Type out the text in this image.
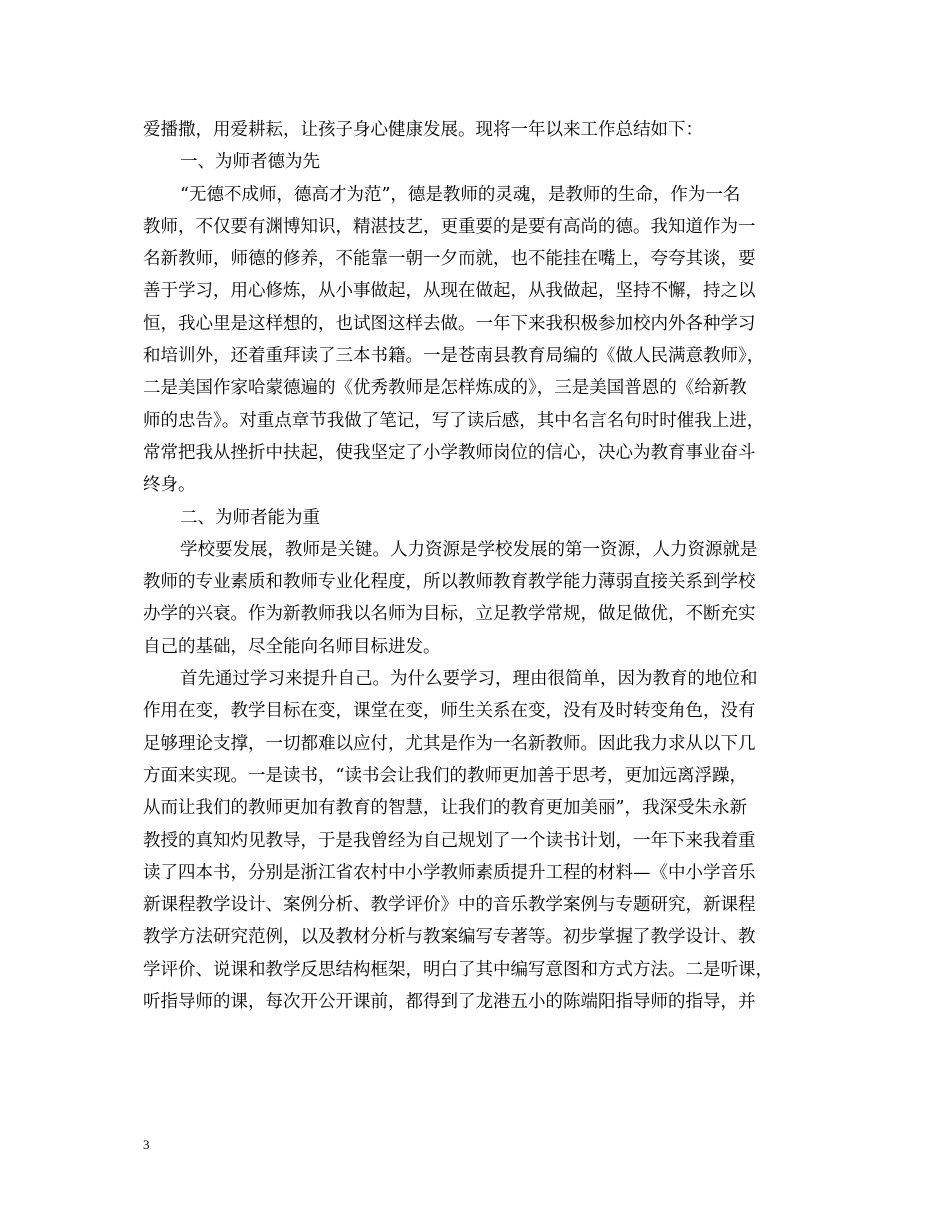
爱播撒，用爱耕耘，让孩子身心健康发展。现将一年以来工作总结如下：
一、为师者德为先
“无德不成师，德高才为范”，德是教师的灵魂，是教师的生命，作为一名
教师，不仅要有渊博知识，精湛技艺，更重要的是要有高尚的德。我知道作为一
名新教师，师德的修养，不能靠一朝一夕而就，也不能挂在嘴上，夸夸其谈，要
善于学习，用心修炼，从小事做起，从现在做起，从我做起，坚持不懈，持之以
恒，我心里是这样想的，也试图这样去做。一年下来我积极参加校内外各种学习
和培训外，还着重拜读了三本书籍。一是苍南县教育局编的《做人民满意教师》，
二是美国作家哈蒙德遍的《优秀教师是怎样炼成的》，三是美国普恩的《给新教
师的忠告》。对重点章节我做了笔记，写了读后感，其中名言名句时时催我上进，
常常把我从挫折中扶起，使我坚定了小学教师岗位的信心，决心为教育事业奋斗
终身。
二、为师者能为重
学校要发展，教师是关键。人力资源是学校发展的第一资源，人力资源就是
教师的专业素质和教师专业化程度，所以教师教育教学能力薄弱直接关系到学校
办学的兴衰。作为新教师我以名师为目标，立足教学常规，做足做优，不断充实
自己的基础，尽全能向名师目标进发。
首先通过学习来提升自己。为什么要学习，理由很简单，因为教育的地位和
作用在变，教学目标在变，课堂在变，师生关系在变，没有及时转变角色，没有
足够理论支撑，一切都难以应付，尤其是作为一名新教师。因此我力求从以下几
方面来实现。一是读书，“读书会让我们的教师更加善于思考，更加远离浮躁，
从而让我们的教师更加有教育的智慧，让我们的教育更加美丽”，我深受朱永新
教授的真知灼见教导，于是我曾经为自己规划了一个读书计划，一年下来我着重
读了四本书，分别是浙江省农村中小学教师素质提升工程的材料—《中小学音乐
新课程教学设计、案例分析、教学评价》中的音乐教学案例与专题研究，新课程
教学方法研究范例，以及教材分析与教案编写专著等。初步掌握了教学设计、教
学评价、说课和教学反思结构框架，明白了其中编写意图和方式方法。二是听课，
听指导师的课，每次开公开课前，都得到了龙港五小的陈端阳指导师的指导，并
3
